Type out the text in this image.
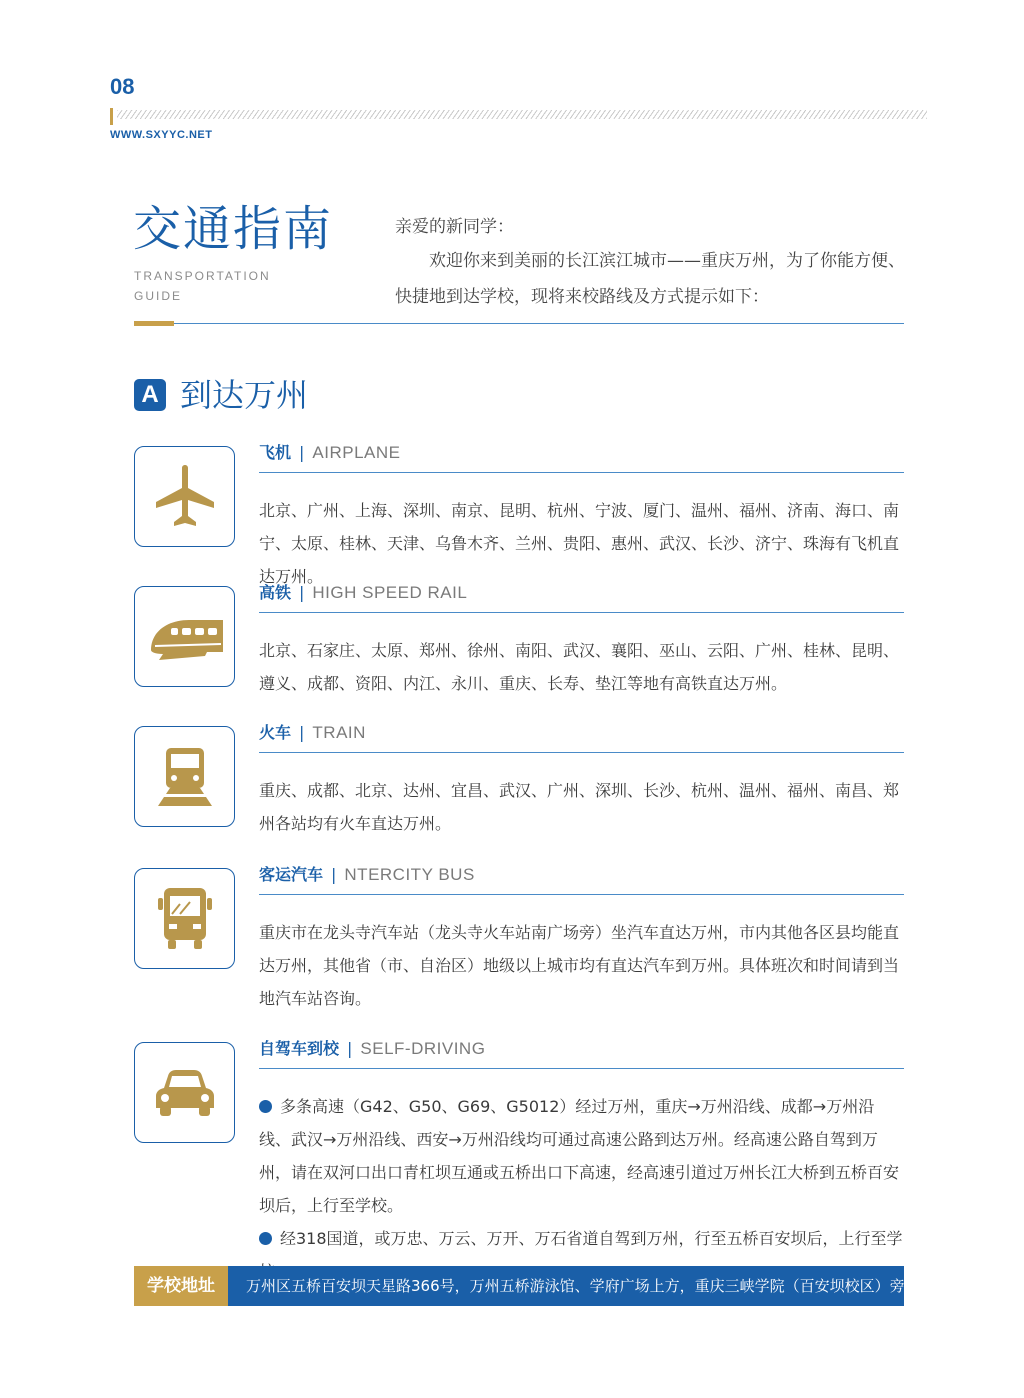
08
WWW.SXYYC.NET
交通指南
TRANSPORTATION
GUIDE
亲爱的新同学：
欢迎你来到美丽的长江滨江城市——重庆万州，为了你能方便、快捷地到达学校，现将来校路线及方式提示如下：
A 到达万州
飞机 | AIRPLANE
北京、广州、上海、深圳、南京、昆明、杭州、宁波、厦门、温州、福州、济南、海口、南宁、太原、桂林、天津、乌鲁木齐、兰州、贵阳、惠州、武汉、长沙、济宁、珠海有飞机直达万州。
高铁 | HIGH SPEED RAIL
北京、石家庄、太原、郑州、徐州、南阳、武汉、襄阳、巫山、云阳、广州、桂林、昆明、遵义、成都、资阳、内江、永川、重庆、长寿、垫江等地有高铁直达万州。
火车 | TRAIN
重庆、成都、北京、达州、宜昌、武汉、广州、深圳、长沙、杭州、温州、福州、南昌、郑州各站均有火车直达万州。
客运汽车 | NTERCITY BUS
重庆市在龙头寺汽车站（龙头寺火车站南广场旁）坐汽车直达万州，市内其他各区县均能直达万州，其他省（市、自治区）地级以上城市均有直达汽车到万州。具体班次和时间请到当地汽车站咨询。
自驾车到校 | SELF-DRIVING
多条高速（G42、G50、G69、G5012）经过万州，重庆→万州沿线、成都→万州沿线、武汉→万州沿线、西安→万州沿线均可通过高速公路到达万州。经高速公路自驾到万州，请在双河口出口青杠坝互通或五桥出口下高速，经高速引道过万州长江大桥到五桥百安坝后，上行至学校。
经318国道，或万忠、万云、万开、万石省道自驾到万州，行至五桥百安坝后，上行至学
学校地址	万州区五桥百安坝天星路366号，万州五桥游泳馆、学府广场上方，重庆三峡学院（百安坝校区）旁。
